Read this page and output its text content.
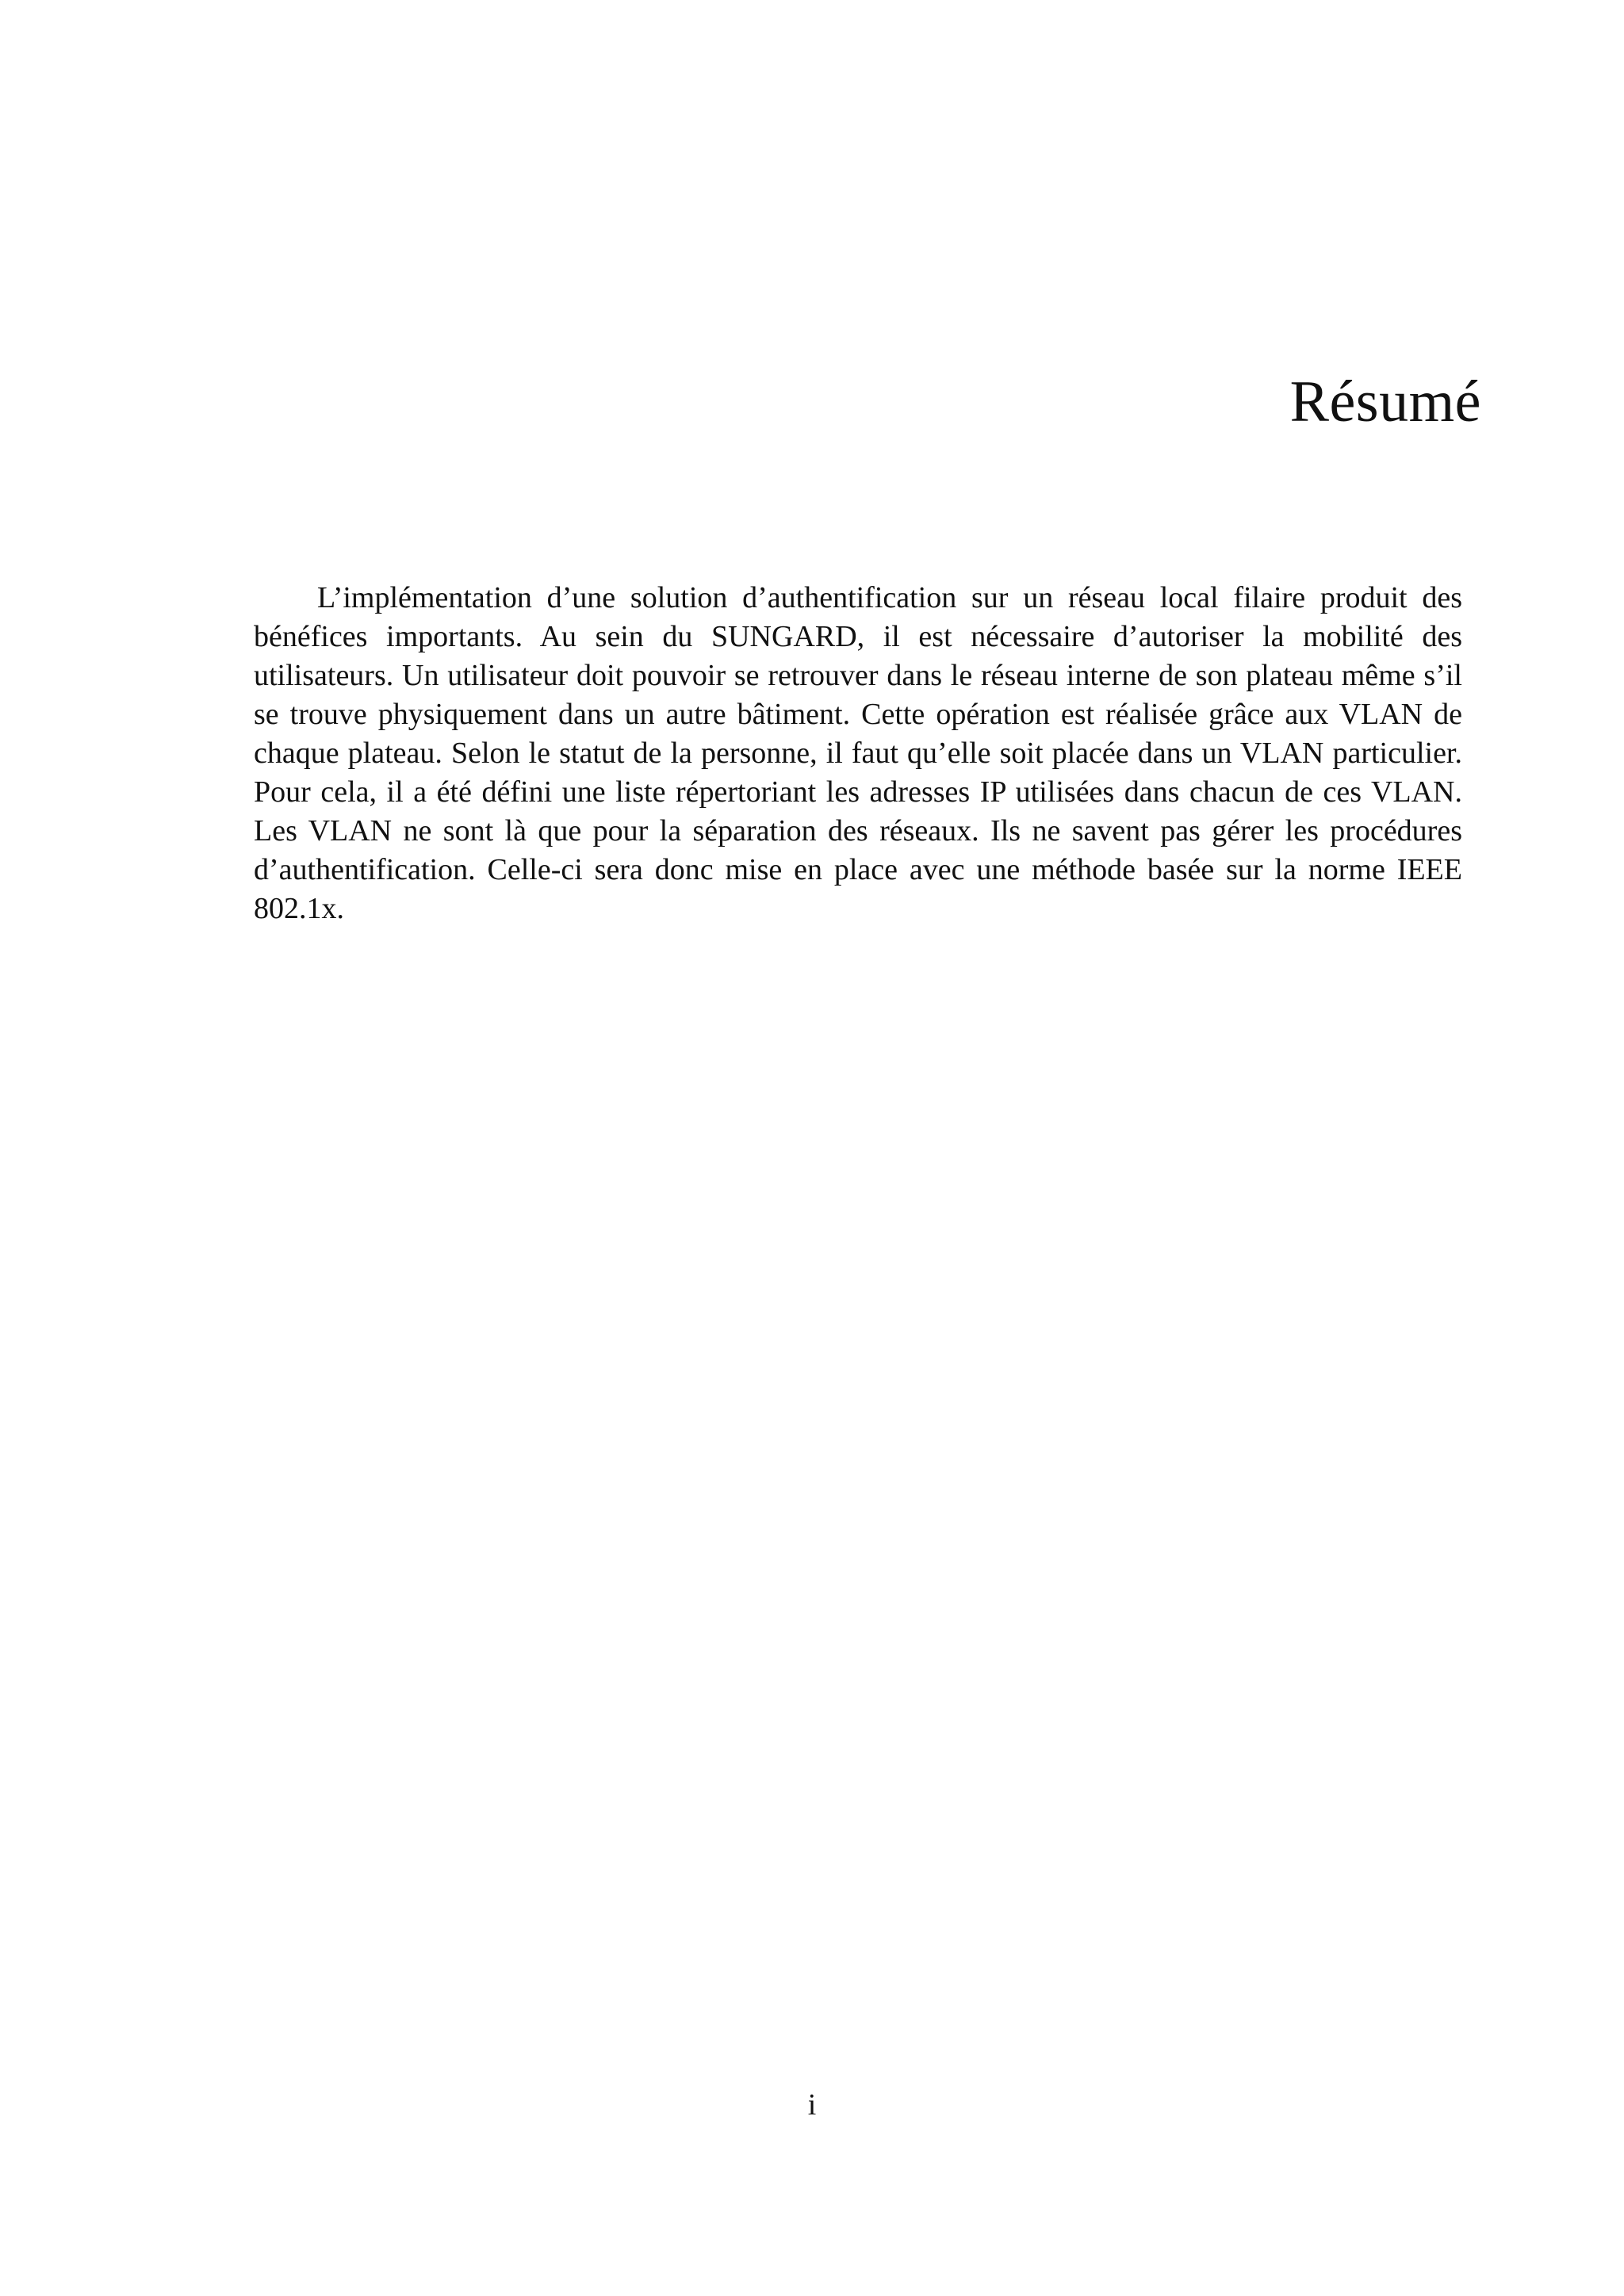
Résumé

L’implémentation d’une solution d’authentification sur un réseau local filaire produit des bénéfices importants. Au sein du SUNGARD, il est nécessaire d’autoriser la mobilité des utilisateurs. Un utilisateur doit pouvoir se retrouver dans le réseau interne de son plateau même s’il se trouve physiquement dans un autre bâtiment. Cette opération est réalisée grâce aux VLAN de chaque plateau. Selon le statut de la personne, il faut qu’elle soit placée dans un VLAN particulier. Pour cela, il a été défini une liste répertoriant les adresses IP utilisées dans chacun de ces VLAN. Les VLAN ne sont là que pour la séparation des réseaux. Ils ne savent pas gérer les procédures d’authentification. Celle-ci sera donc mise en place avec une méthode basée sur la norme IEEE 802.1x.

i
